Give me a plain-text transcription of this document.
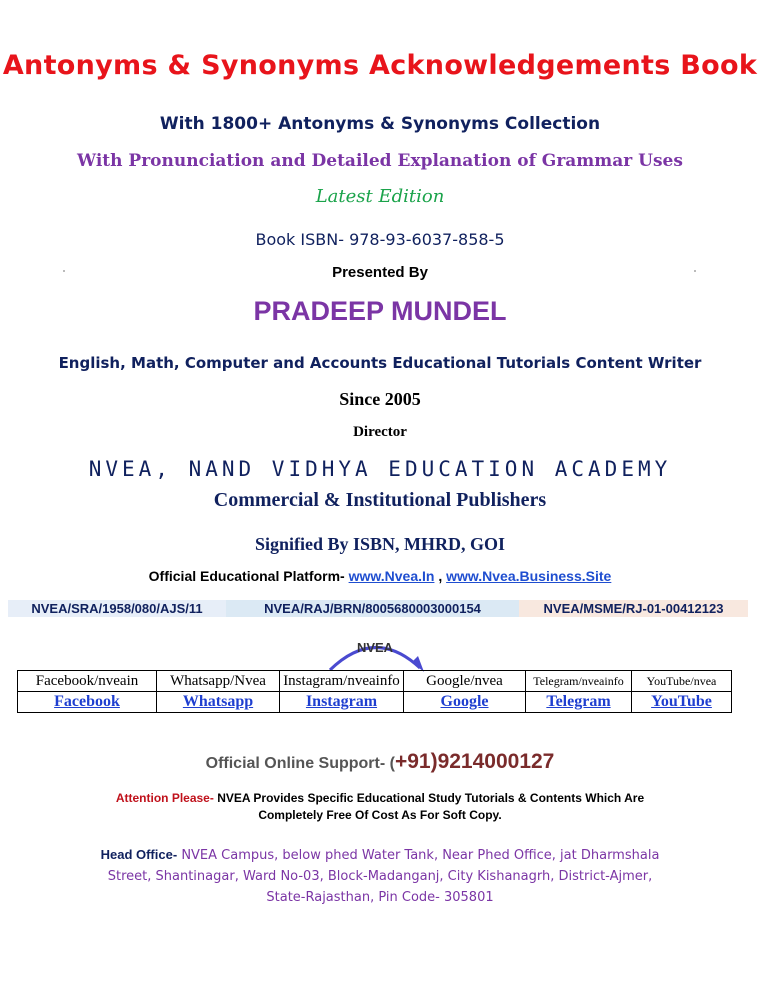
Antonyms & Synonyms Acknowledgements Book
With 1800+ Antonyms & Synonyms Collection
With Pronunciation and Detailed Explanation of Grammar Uses
Latest Edition
Book ISBN- 978-93-6037-858-5
Presented By
PRADEEP MUNDEL
English, Math, Computer and Accounts Educational Tutorials Content Writer
Since 2005
Director
NVEA, NAND VIDHYA EDUCATION ACADEMY
Commercial & Institutional Publishers
Signified By ISBN, MHRD, GOI
Official Educational Platform- www.Nvea.In , www.Nvea.Business.Site
NVEA/SRA/1958/080/AJS/11	NVEA/RAJ/BRN/8005680003000154	NVEA/MSME/RJ-01-00412123
NVEA
Facebook/nveain	Whatsapp/Nvea	Instagram/nveainfo	Google/nvea	Telegram/nveainfo	YouTube/nvea
Facebook	Whatsapp	Instagram	Google	Telegram	YouTube
Official Online Support- (+91)9214000127
Attention Please- NVEA Provides Specific Educational Study Tutorials & Contents Which Are
Completely Free Of Cost As For Soft Copy.
Head Office- NVEA Campus, below phed Water Tank, Near Phed Office, jat Dharmshala
Street, Shantinagar, Ward No-03, Block-Madanganj, City Kishanagrh, District-Ajmer,
State-Rajasthan, Pin Code- 305801
